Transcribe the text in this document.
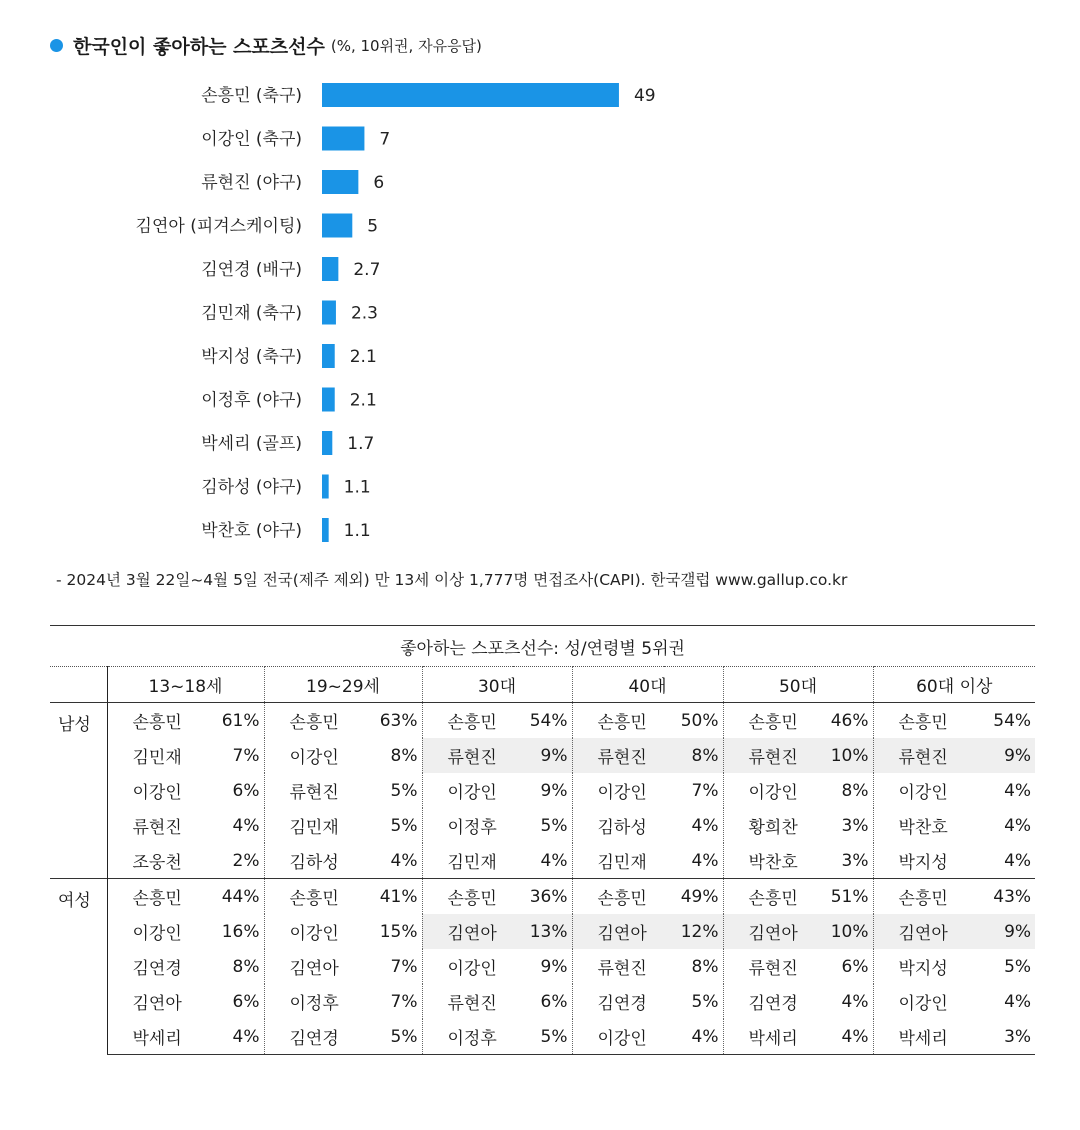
한국인이 좋아하는 스포츠선수 (%, 10위권, 자유응답)
손흥민 (축구)	49
이강인 (축구)	7
류현진 (야구)	6
김연아 (피겨스케이팅)	5
김연경 (배구)	2.7
김민재 (축구)	2.3
박지성 (축구)	2.1
이정후 (야구)	2.1
박세리 (골프)	1.7
김하성 (야구) 1.1
박찬호 (야구) 1.1
- 2024년 3월 22일~4월 5일 전국(제주 제외) 만 13세 이상 1,777명 면접조사(CAPI). 한국갤럽 www.gallup.co.kr
좋아하는 스포츠선수: 성/연령별 5위권												
	13~18세		19~29세		30대		40대		50대		60대 이상	
남성	손흥민	61%	손흥민	63%	손흥민	54%	손흥민	50%	손흥민	46%	손흥민	54%
	김민재	7%	이강인	8%	류현진	9%	류현진	8%	류현진	10%	류현진	9%
	이강인	6%	류현진	5%	이강인	9%	이강인	7%	이강인	8%	이강인	4%
	류현진	4%	김민재	5%	이정후	5%	김하성	4%	황희찬	3%	박찬호	4%
	조웅천	2%	김하성	4%	김민재	4%	김민재	4%	박찬호	3%	박지성	4%
여성	손흥민	44%	손흥민	41%	손흥민	36%	손흥민	49%	손흥민	51%	손흥민	43%
	이강인	16%	이강인	15%	김연아	13%	김연아	12%	김연아	10%	김연아	9%
	김연경	8%	김연아	7%	이강인	9%	류현진	8%	류현진	6%	박지성	5%
	김연아	6%	이정후	7%	류현진	6%	김연경	5%	김연경	4%	이강인	4%
	박세리	4%	김연경	5%	이정후	5%	이강인	4%	박세리	4%	박세리	3%
